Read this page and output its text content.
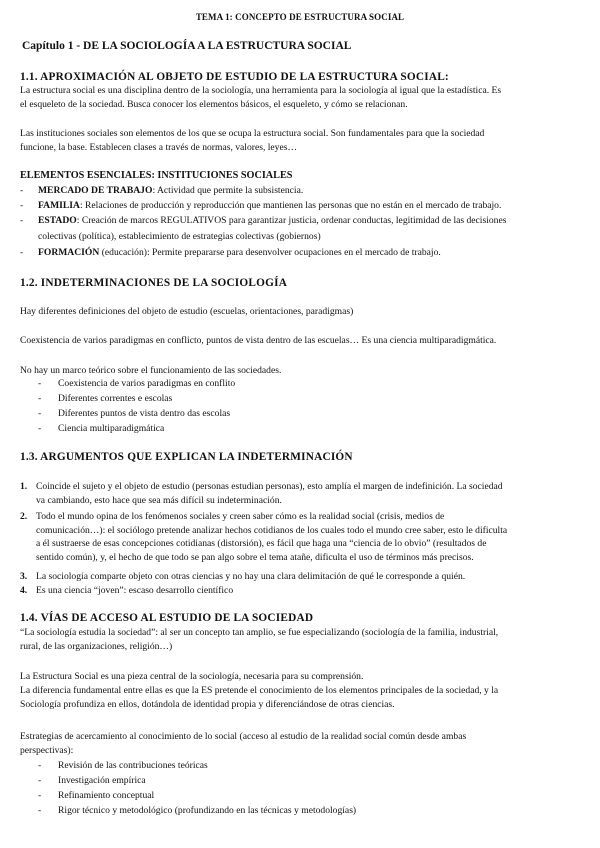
TEMA 1: CONCEPTO DE ESTRUCTURA SOCIAL
Capítulo 1 - DE LA SOCIOLOGÍA A LA ESTRUCTURA SOCIAL
1.1. APROXIMACIÓN AL OBJETO DE ESTUDIO DE LA ESTRUCTURA SOCIAL:
La estructura social es una disciplina dentro de la sociología, una herramienta para la sociología al igual que la estadística. Es
el esqueleto de la sociedad. Busca conocer los elementos básicos, el esqueleto, y cómo se relacionan.
Las instituciones sociales son elementos de los que se ocupa la estructura social. Son fundamentales para que la sociedad
funcione, la base. Establecen clases a través de normas, valores, leyes…
ELEMENTOS ESENCIALES: INSTITUCIONES SOCIALES
- MERCADO DE TRABAJO: Actividad que permite la subsistencia.
- FAMILIA: Relaciones de producción y reproducción que mantienen las personas que no están en el mercado de trabajo.
- ESTADO: Creación de marcos REGULATIVOS para garantizar justicia, ordenar conductas, legitimidad de las decisiones
colectivas (política), establecimiento de estrategias colectivas (gobiernos)
- FORMACIÓN (educación): Permite prepararse para desenvolver ocupaciones en el mercado de trabajo.
1.2. INDETERMINACIONES DE LA SOCIOLOGÍA
Hay diferentes definiciones del objeto de estudio (escuelas, orientaciones, paradigmas)
Coexistencia de varios paradigmas en conflicto, puntos de vista dentro de las escuelas… Es una ciencia multiparadigmática.
No hay un marco teórico sobre el funcionamiento de las sociedades.
- Coexistencia de varios paradigmas en conflito
- Diferentes correntes e escolas
- Diferentes puntos de vista dentro das escolas
- Ciencia multiparadigmática
1.3. ARGUMENTOS QUE EXPLICAN LA INDETERMINACIÓN
1. Coincide el sujeto y el objeto de estudio (personas estudian personas), esto amplía el margen de indefinición. La sociedad
va cambiando, esto hace que sea más difícil su indeterminación.
2. Todo el mundo opina de los fenómenos sociales y creen saber cómo es la realidad social (crisis, medios de
comunicación…): el sociólogo pretende analizar hechos cotidianos de los cuales todo el mundo cree saber, esto le dificulta
a él sustraerse de esas concepciones cotidianas (distorsión), es fácil que haga una “ciencia de lo obvio” (resultados de
sentido común), y, el hecho de que todo se pan algo sobre el tema atañe, dificulta el uso de términos más precisos.
3. La sociología comparte objeto con otras ciencias y no hay una clara delimitación de qué le corresponde a quién.
4. Es una ciencia “joven”: escaso desarrollo científico
1.4. VÍAS DE ACCESO AL ESTUDIO DE LA SOCIEDAD
“La sociología estudia la sociedad”: al ser un concepto tan amplio, se fue especializando (sociología de la familia, industrial,
rural, de las organizaciones, religión…)
La Estructura Social es una pieza central de la sociología, necesaria para su comprensión.
La diferencia fundamental entre ellas es que la ES pretende el conocimiento de los elementos principales de la sociedad, y la
Sociología profundiza en ellos, dotándola de identidad propia y diferenciándose de otras ciencias.
Estrategias de acercamiento al conocimiento de lo social (acceso al estudio de la realidad social común desde ambas
perspectivas):
- Revisión de las contribuciones teóricas
- Investigación empírica
- Refinamiento conceptual
- Rigor técnico y metodológico (profundizando en las técnicas y metodologías)
